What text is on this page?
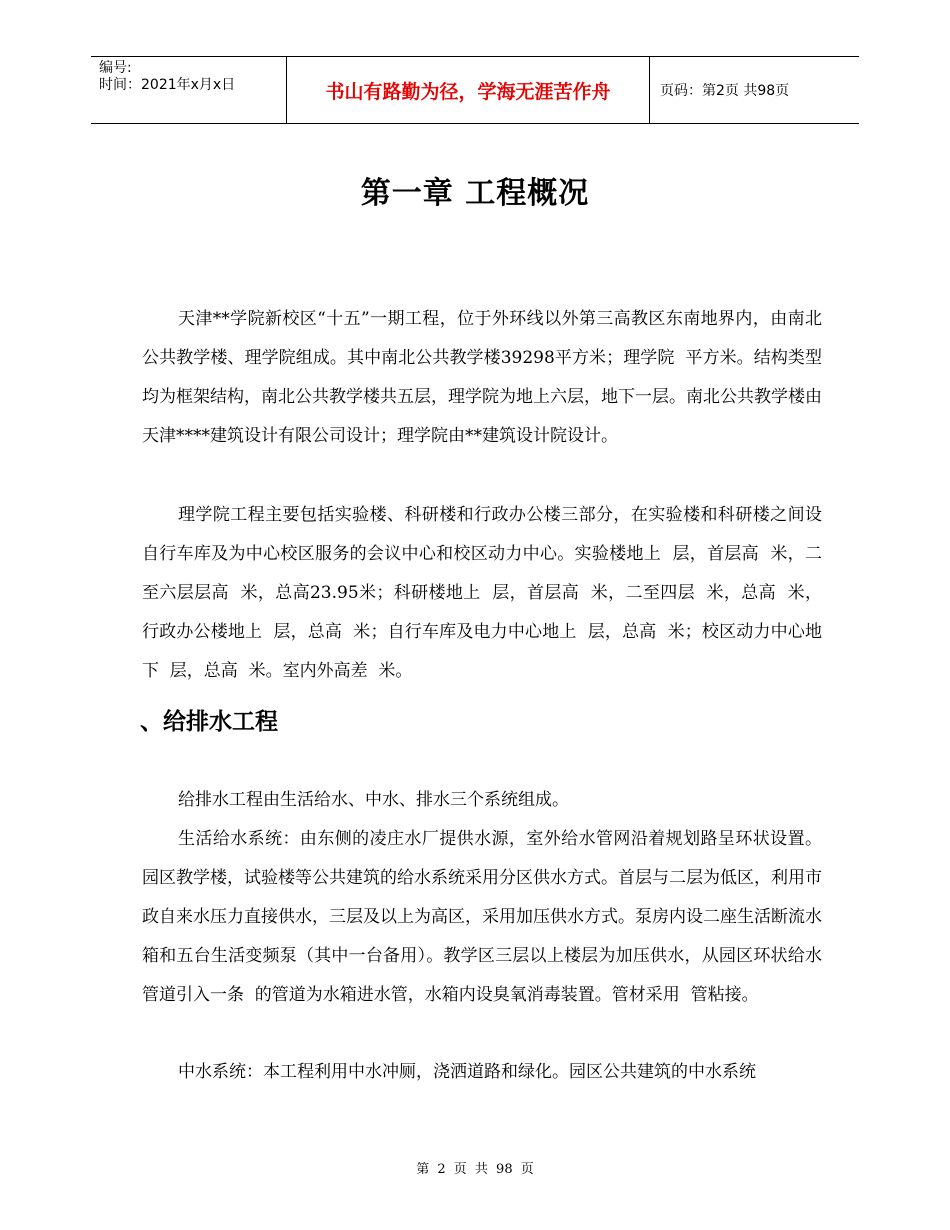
编号:
时间：2021年x月x日	书山有路勤为径，学海无涯苦作舟	页码：第2页 共98页
第一章 工程概况
天津**学院新校区“十五”一期工程，位于外环线以外第三高教区东南地界内，由南北公共教学楼、理学院组成。其中南北公共教学楼39298平方米；理学院  平方米。结构类型均为框架结构，南北公共教学楼共五层，理学院为地上六层，地下一层。南北公共教学楼由天津****建筑设计有限公司设计；理学院由**建筑设计院设计。
理学院工程主要包括实验楼、科研楼和行政办公楼三部分，在实验楼和科研楼之间设自行车库及为中心校区服务的会议中心和校区动力中心。实验楼地上  层，首层高  米，二至六层层高  米，总高23.95米；科研楼地上  层，首层高  米，二至四层  米，总高  米，行政办公楼地上  层，总高  米；自行车库及电力中心地上  层，总高  米；校区动力中心地下  层，总高  米。室内外高差  米。
、给排水工程
给排水工程由生活给水、中水、排水三个系统组成。
生活给水系统：由东侧的凌庄水厂提供水源，室外给水管网沿着规划路呈环状设置。园区教学楼，试验楼等公共建筑的给水系统采用分区供水方式。首层与二层为低区，利用市政自来水压力直接供水，三层及以上为高区，采用加压供水方式。泵房内设二座生活断流水箱和五台生活变频泵（其中一台备用）。教学区三层以上楼层为加压供水，从园区环状给水管道引入一条  的管道为水箱进水管，水箱内设臭氧消毒装置。管材采用  管粘接。
中水系统：本工程利用中水冲厕，浇洒道路和绿化。园区公共建筑的中水系统
第 2 页 共 98 页
